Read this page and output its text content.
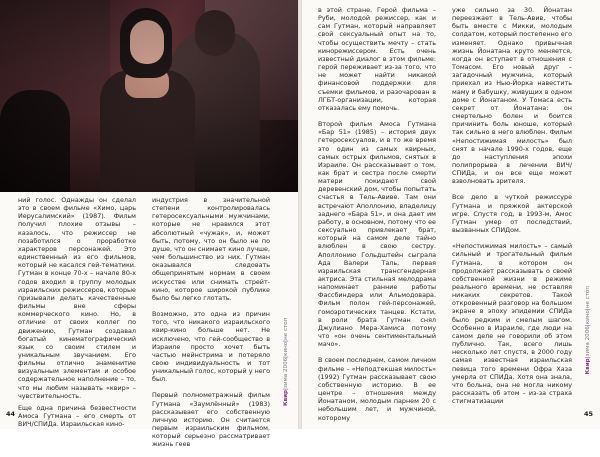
ний голос. Однажды он сделал это в своем фильме «Химо, царь Иерусалимский» (1987). Фильм получил плохие отзывы – казалось, что режиссер не позаботился о проработке характеров персонажей. Это единственный из его фильмов, который не касался гей-тематики. Гутман в конце 70-х – начале 80-х годов входил в группу молодых израильских режиссеров, которые призывали делать качественные фильмы вне сферы коммерческого кино. Но, в отличие от своих коллег по движению, Гутман создавал богатый кинематографический язык со своим стилем и уникальным звучанием. Его фильмы отлично знаменитие визуальным элементам и особое содержательное наполнение – то, что мы любим называть «квир» – чувствительность.

Еще одна причина безвестности Амоса Гутмана – его смерть от ВИЧ/СПИДа. Израильская кино-

индустрия в значительной степени контролировалась гетеросексуальными мужчинами, которые не нравился этот абсолютный «чужак», и, может быть, потому, что он было не по душе, что он снимает кино лучше, чем большинство из них. Гутман оказывался следовать общепринятым нормам в своем искусстве или снимать стрейт-кино, которое широкой публике было бы легко глотать.

Возможно, это одна из причин того, что никакого израильского квир-кино больше нет. Не исключено, что гей-сообщество в Израиле просто хочет быть частью мейнстрима и потеряло свою индивидуальность и тот уникальный голос, который у него был.

Первый полнометражный фильм Гутмана «Заумлённый» (1983) рассказывает его собственную личную историю. Он считается первым израильским фильмом, который серьезно рассматривает жизнь геев

Квир|зима 2006|кино|не стоп
44

в этой стране. Герой фильма – Руби, молодой режиссер, как и сам Гутман, который направляет свой сексуальный опыт на то, чтобы осуществить мечту – стать кинорежиссером. Есть очень известный диалог в этом фильме: герой переживает из-за того, что не может найти никакой финансовой поддержки для съемки фильмов, и разочарован в ЛГБТ-организации, которая отказалась ему помочь.

Второй фильм Амоса Гутмана «Бар 51» (1985) – история двух гетеросексуалов, и в то же время это один из самых квирных, самых острых фильмов, снятых в Израиле. Он рассказывает о том, как брат и сестра после смерти матери покидают свой деревенский дом, чтобы попытать счастья в Тель-Авиве. Там они встречают Аполлонию, владелицу заднего «Бара 51», и она дает им работу, в основном, потому что ее сексуально привлекает брат, который на самом деле тайно влюблен в свою сестру. Аполлонию Гольдштейн сыграла Ада Валери Таль, первая израильская трансгендерная актриса. Эта стильная мелодрама напоминает ранние работы Фассбиндера или Альмодовара. Фильм полон гей-персонажей, гомоэротических танцев. Кстати, в роли брата Гутман снял Джулиано Мера-Хамиса потому что «он очень сентиментальный мачо».

В своем последнем, самом личном фильме – «Неподтекшая милость» (1992) Гутман рассказывает свою собственную историю. В ее центре – отношения между Йонатаном, молодым парнем 20 с небольшим лет, и мужчиной, которому

уже сильно за 30. Йонатан переезжает в Тель-Авив, чтобы быть вместе с Микки, молодым солдатом, который постепенно его изменяет. Однако привычная жизнь Йонатана круто меняется, когда он вступает в отношения с Томасом. Его новый друг – загадочный мужчина, который приехал из Нью-Йорка навестить маму и бабушку, живущих в одном доме с Йонатаном. У Томаса есть секрет от Йонатана: он смертельно болен и боится причинить боль юноше, который так сильно в него влюблен. Фильм «Непостижимая милость» был снят в начале 1990-х годов, еще до наступления эпохи полипрорыва в лечении ВИЧ/СПИДа, и он все еще может взволновать зрителя.

Все дело в чуткой режиссуре Гутмана и пряжкой актерской игре. Спустя год, в 1993-м, Амос Гутман умер от последствий, вызванных СПИДом.

«Непостижимая милость» – самый сильный и трогательный фильм Гутмана, в котором он продолжает рассказывать о своей собственной жизни в режиме реального времени, не оставляя никаких секретов. Такой откровенный разговор на большом экране в эпоху эпидемии СПИДа было редким и смелым шагом. Особенно в Израиле, где люди на самом деле не говорили об этом публично. Так, всего лишь несколько лет спустя, в 2000 году самая известная израильская певица того времени Офра Хаза умерла от СПИДа. Хотя она знала, что больна, она не могла никому рассказать об этом – из-за страха стигматизации

Квир|зима 2006|кино|не стоп
45
